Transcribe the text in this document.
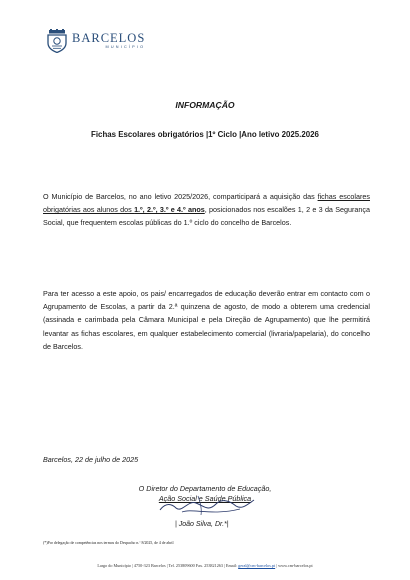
BARCELOS
MUNICÍPIO
INFORMAÇÃO
Fichas Escolares obrigatórios |1º Ciclo |Ano letivo 2025.2026
O Município de Barcelos, no ano letivo 2025/2026, comparticipará a aquisição das fichas escolares obrigatórias aos alunos dos 1.º, 2.º, 3.º e 4.º anos, posicionados nos escalões 1, 2 e 3 da Segurança Social, que frequentem escolas públicas do 1.º ciclo do concelho de Barcelos.
Para ter acesso a este apoio, os pais/ encarregados de educação deverão entrar em contacto com o Agrupamento de Escolas, a partir da 2.ª quinzena de agosto, de modo a obterem uma credencial (assinada e carimbada pela Câmara Municipal e pela Direção de Agrupamento) que lhe permitirá levantar as fichas escolares, em qualquer estabelecimento comercial (livraria/papelaria), do concelho de Barcelos.
Barcelos, 22 de julho de 2025
O Diretor do Departamento de Educação,
Ação Social e Saúde Pública
| João Silva, Dr.*|
(*)Por delegação de competências nos termos do Despacho n.º 8/2025, de 4 de abril
Largo do Município | 4750-323 Barcelos | Tel. 253809600 Fax. 253821263 | Email: geral@cm-barcelos.pt | www.cm-barcelos.pt
